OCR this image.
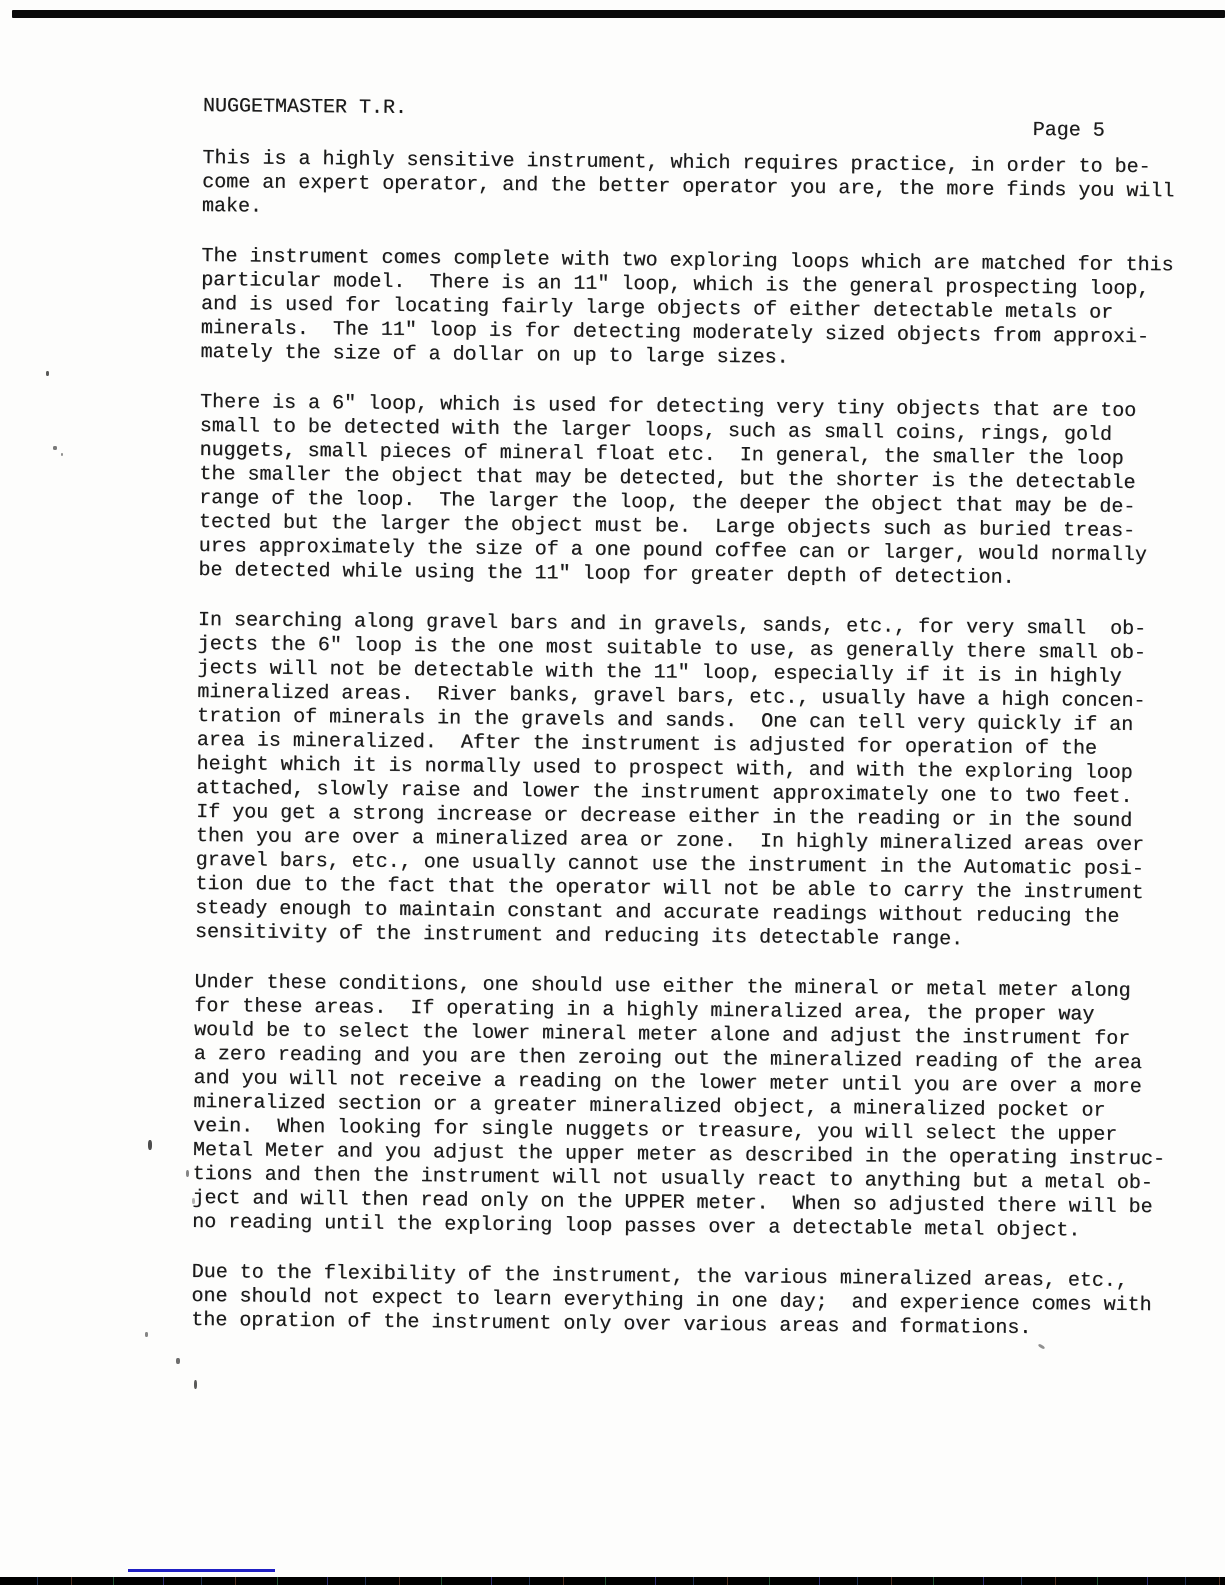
NUGGETMASTER T.R.
Page 5

This is a highly sensitive instrument, which requires practice, in order to be-
come an expert operator, and the better operator you are, the more finds you will
make.

The instrument comes complete with two exploring loops which are matched for this
particular model.  There is an 11" loop, which is the general prospecting loop,
and is used for locating fairly large objects of either detectable metals or
minerals.  The 11" loop is for detecting moderately sized objects from approxi-
mately the size of a dollar on up to large sizes.

There is a 6" loop, which is used for detecting very tiny objects that are too
small to be detected with the larger loops, such as small coins, rings, gold
nuggets, small pieces of mineral float etc.  In general, the smaller the loop
the smaller the object that may be detected, but the shorter is the detectable
range of the loop.  The larger the loop, the deeper the object that may be de-
tected but the larger the object must be.  Large objects such as buried treas-
ures approximately the size of a one pound coffee can or larger, would normally
be detected while using the 11" loop for greater depth of detection.

In searching along gravel bars and in gravels, sands, etc., for very small  ob-
jects the 6" loop is the one most suitable to use, as generally there small ob-
jects will not be detectable with the 11" loop, especially if it is in highly
mineralized areas.  River banks, gravel bars, etc., usually have a high concen-
tration of minerals in the gravels and sands.  One can tell very quickly if an
area is mineralized.  After the instrument is adjusted for operation of the
height which it is normally used to prospect with, and with the exploring loop
attached, slowly raise and lower the instrument approximately one to two feet.
If you get a strong increase or decrease either in the reading or in the sound
then you are over a mineralized area or zone.  In highly mineralized areas over
gravel bars, etc., one usually cannot use the instrument in the Automatic posi-
tion due to the fact that the operator will not be able to carry the instrument
steady enough to maintain constant and accurate readings without reducing the
sensitivity of the instrument and reducing its detectable range.

Under these conditions, one should use either the mineral or metal meter along
for these areas.  If operating in a highly mineralized area, the proper way
would be to select the lower mineral meter alone and adjust the instrument for
a zero reading and you are then zeroing out the mineralized reading of the area
and you will not receive a reading on the lower meter until you are over a more
mineralized section or a greater mineralized object, a mineralized pocket or
vein.  When looking for single nuggets or treasure, you will select the upper
Metal Meter and you adjust the upper meter as described in the operating instruc-
tions and then the instrument will not usually react to anything but a metal ob-
ject and will then read only on the UPPER meter.  When so adjusted there will be
no reading until the exploring loop passes over a detectable metal object.

Due to the flexibility of the instrument, the various mineralized areas, etc.,
one should not expect to learn everything in one day;  and experience comes with
the opration of the instrument only over various areas and formations.
